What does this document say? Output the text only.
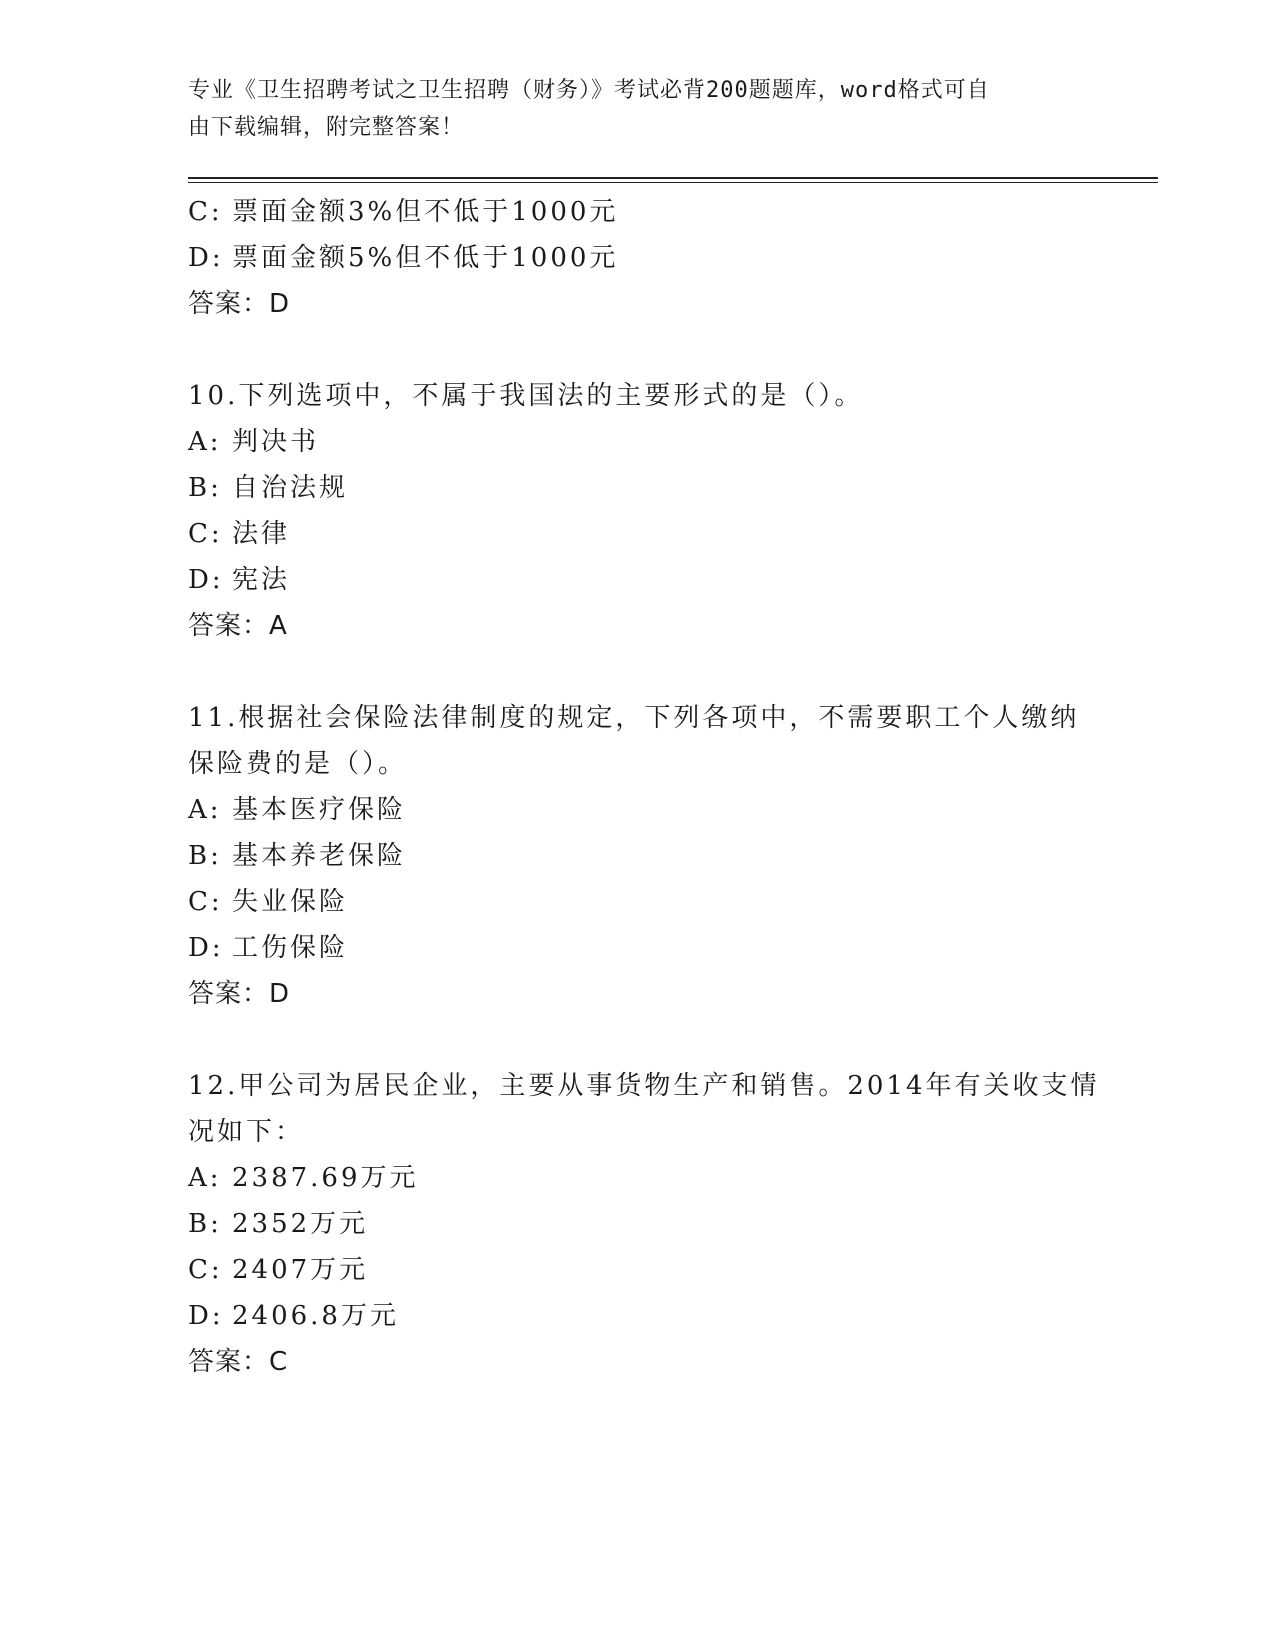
专业《卫生招聘考试之卫生招聘（财务）》考试必背200题题库，word格式可自
由下载编辑，附完整答案！
C: 票面金额3%但不低于1000元
D: 票面金额5%但不低于1000元
答案：D
10.下列选项中，不属于我国法的主要形式的是（）。
A: 判决书
B: 自治法规
C: 法律
D: 宪法
答案：A
11.根据社会保险法律制度的规定，下列各项中，不需要职工个人缴纳
保险费的是（）。
A: 基本医疗保险
B: 基本养老保险
C: 失业保险
D: 工伤保险
答案：D
12.甲公司为居民企业，主要从事货物生产和销售。2014年有关收支情
况如下：
A: 2387.69万元
B: 2352万元
C: 2407万元
D: 2406.8万元
答案：C
